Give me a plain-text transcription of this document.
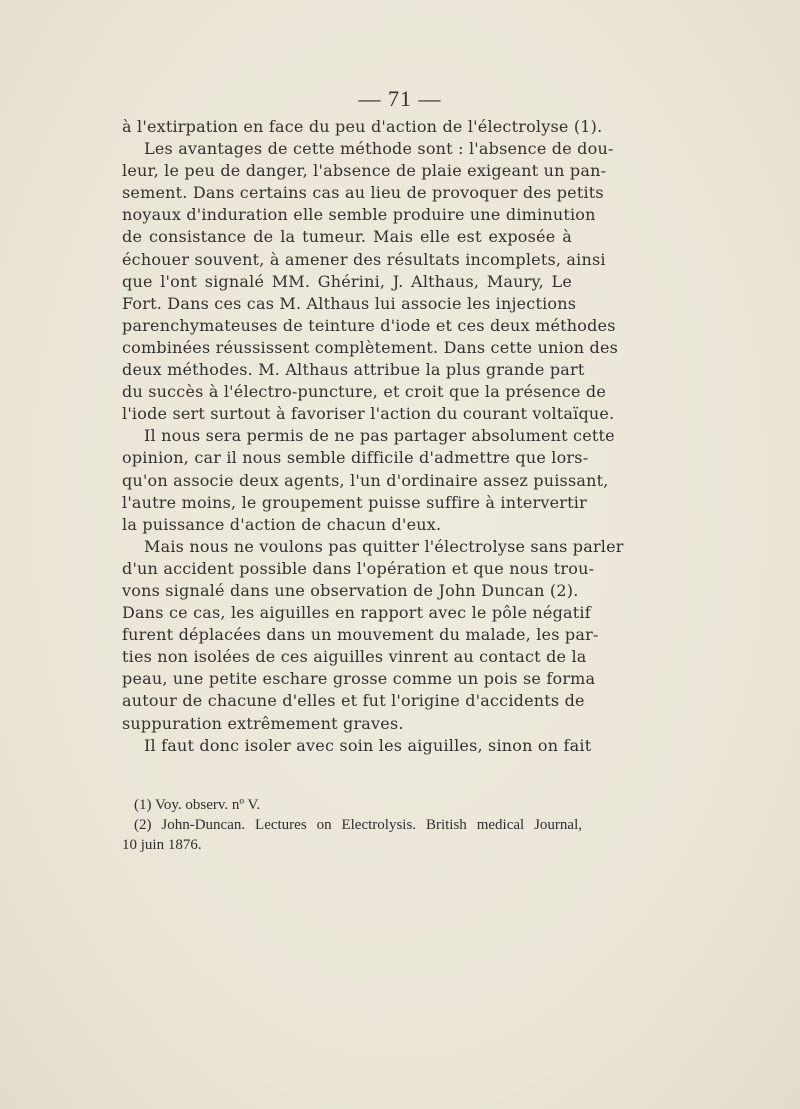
— 71 —
à l'extirpation en face du peu d'action de l'électrolyse (1).
Les avantages de cette méthode sont : l'absence de dou-
leur, le peu de danger, l'absence de plaie exigeant un pan-
sement. Dans certains cas au lieu de provoquer des petits
noyaux d'induration elle semble produire une diminution
de consistance de la tumeur. Mais elle est exposée à
échouer souvent, à amener des résultats incomplets, ainsi
que l'ont signalé MM. Ghérini, J. Althaus, Maury, Le
Fort. Dans ces cas M. Althaus lui associe les injections
parenchymateuses de teinture d'iode et ces deux méthodes
combinées réussissent complètement. Dans cette union des
deux méthodes. M. Althaus attribue la plus grande part
du succès à l'électro-puncture, et croit que la présence de
l'iode sert surtout à favoriser l'action du courant voltaïque.
Il nous sera permis de ne pas partager absolument cette
opinion, car il nous semble difficile d'admettre que lors-
qu'on associe deux agents, l'un d'ordinaire assez puissant,
l'autre moins, le groupement puisse suffire à intervertir
la puissance d'action de chacun d'eux.
Mais nous ne voulons pas quitter l'électrolyse sans parler
d'un accident possible dans l'opération et que nous trou-
vons signalé dans une observation de John Duncan (2).
Dans ce cas, les aiguilles en rapport avec le pôle négatif
furent déplacées dans un mouvement du malade, les par-
ties non isolées de ces aiguilles vinrent au contact de la
peau, une petite eschare grosse comme un pois se forma
autour de chacune d'elles et fut l'origine d'accidents de
suppuration extrêmement graves.
Il faut donc isoler avec soin les aiguilles, sinon on fait
(1) Voy. observ. nº V.
(2) John-Duncan. Lectures on Electrolysis. British medical Journal,
10 juin 1876.
